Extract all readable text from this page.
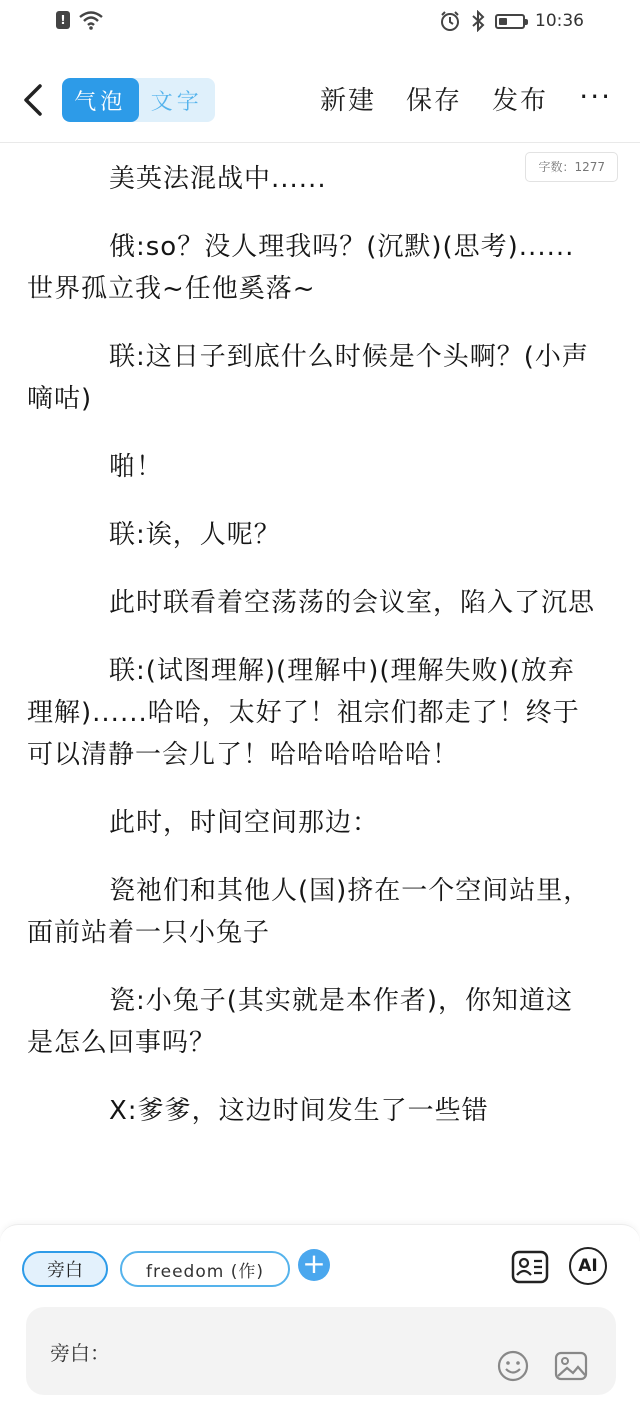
!	10:36
气泡	文字	新建 保存 发布 ···
字数：1277

美英法混战中......

俄:so？没人理我吗？(沉默)(思考)......世界孤立我~任他奚落~

联:这日子到底什么时候是个头啊？(小声嘀咕)

啪！

联:诶，人呢？

此时联看着空荡荡的会议室，陷入了沉思

联:(试图理解)(理解中)(理解失败)(放弃理解)......哈哈，太好了！祖宗们都走了！终于可以清静一会儿了！哈哈哈哈哈哈！

此时，时间空间那边：

瓷祂们和其他人(国)挤在一个空间站里，面前站着一只小兔子

瓷:小兔子(其实就是本作者)，你知道这是怎么回事吗？

X:爹爹，这边时间发生了一些错

旁白	freedom (作)	+	AI
旁白：
